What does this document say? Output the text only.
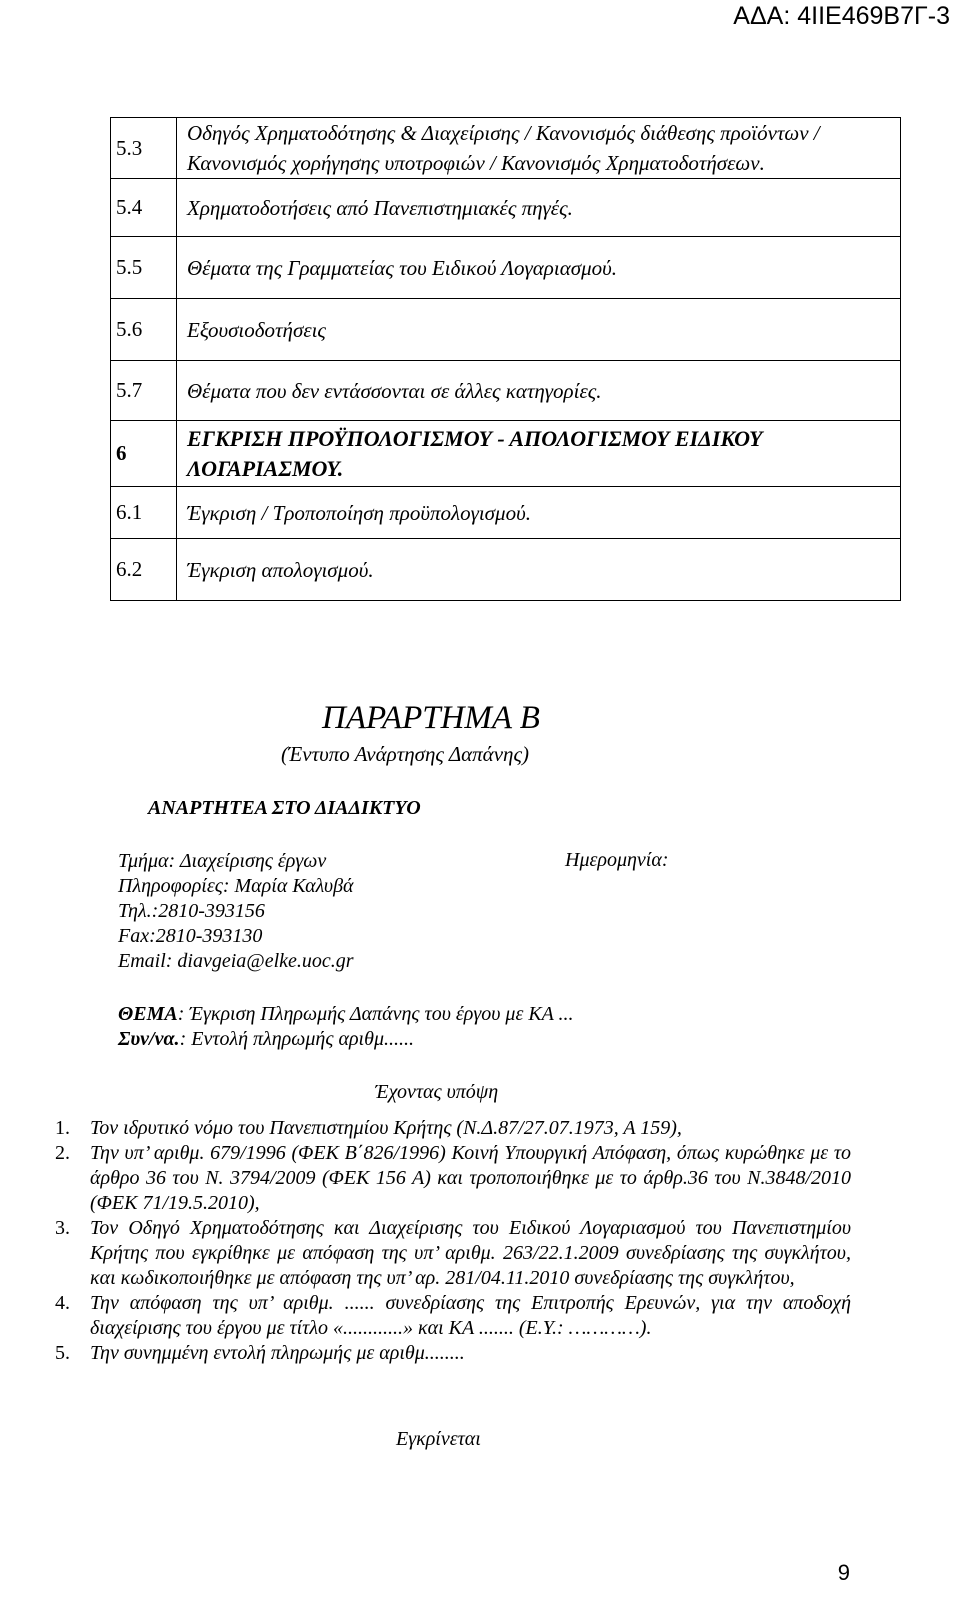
ΑΔΑ: 4ΙΙΕ469Β7Γ-3
5.3	Οδηγός Χρηματοδότησης & Διαχείρισης / Κανονισμός διάθεσης προϊόντων / Κανονισμός χορήγησης υποτροφιών / Κανονισμός Χρηματοδοτήσεων.
5.4	Χρηματοδοτήσεις από Πανεπιστημιακές πηγές.
5.5	Θέματα της Γραμματείας του Ειδικού Λογαριασμού.
5.6	Εξουσιοδοτήσεις
5.7	Θέματα που δεν εντάσσονται σε άλλες κατηγορίες.
6	ΕΓΚΡΙΣΗ ΠΡΟΫΠΟΛΟΓΙΣΜΟΥ - ΑΠΟΛΟΓΙΣΜΟΥ ΕΙΔΙΚΟΥ ΛΟΓΑΡΙΑΣΜΟΥ.
6.1	Έγκριση / Τροποποίηση προϋπολογισμού.
6.2	Έγκριση απολογισμού.
ΠΑΡΑΡΤΗΜΑ Β
(Έντυπο Ανάρτησης Δαπάνης)
ΑΝΑΡΤΗΤΕΑ ΣΤΟ ΔΙΑΔΙΚΤΥΟ
Τμήμα: Διαχείρισης έργων
Πληροφορίες: Μαρία Καλυβά
Τηλ.:2810-393156
Fax:2810-393130
Email: diavgeia@elke.uoc.gr
Ημερομηνία:
ΘΕΜΑ: Έγκριση Πληρωμής Δαπάνης του έργου με ΚΑ ...
Συν/να.: Εντολή πληρωμής αριθμ......
Έχοντας υπόψη
1. Τον ιδρυτικό νόμο του Πανεπιστημίου Κρήτης (Ν.Δ.87/27.07.1973, Α 159),
2. Την υπ’ αριθμ. 679/1996 (ΦΕΚ Β΄826/1996) Κοινή Υπουργική Απόφαση, όπως κυρώθηκε με το άρθρο 36 του Ν. 3794/2009 (ΦΕΚ 156 Α) και τροποποιήθηκε με το άρθρ.36 του Ν.3848/2010 (ΦΕΚ 71/19.5.2010),
3. Τον Οδηγό Χρηματοδότησης και Διαχείρισης του Ειδικού Λογαριασμού του Πανεπιστημίου Κρήτης που εγκρίθηκε με απόφαση της υπ’ αριθμ. 263/22.1.2009 συνεδρίασης της συγκλήτου, και κωδικοποιήθηκε με απόφαση της υπ’ αρ. 281/04.11.2010 συνεδρίασης της συγκλήτου,
4. Την απόφαση της υπ’ αριθμ. ...... συνεδρίασης της Επιτροπής Ερευνών, για την αποδοχή διαχείρισης του έργου με τίτλο «............» και ΚΑ ....... (Ε.Υ.: …………).
5. Την συνημμένη εντολή πληρωμής με αριθμ........
Εγκρίνεται
9
